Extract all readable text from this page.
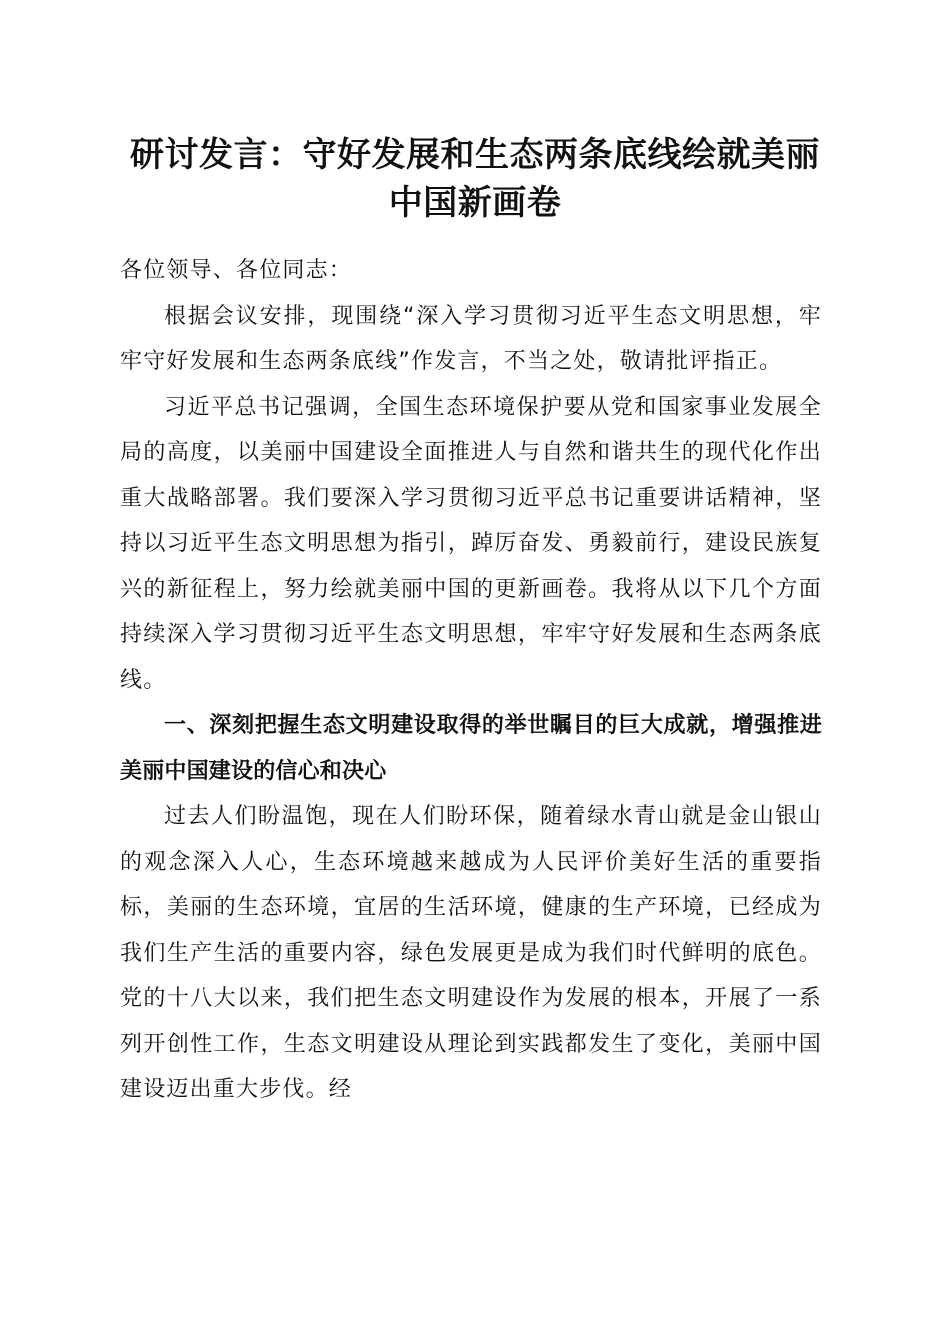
研讨发言：守好发展和生态两条底线绘就美丽
中国新画卷

各位领导、各位同志：

根据会议安排，现围绕“深入学习贯彻习近平生态文明思想，牢牢守好发展和生态两条底线”作发言，不当之处，敬请批评指正。

习近平总书记强调，全国生态环境保护要从党和国家事业发展全局的高度，以美丽中国建设全面推进人与自然和谐共生的现代化作出重大战略部署。我们要深入学习贯彻习近平总书记重要讲话精神，坚持以习近平生态文明思想为指引，踔厉奋发、勇毅前行，建设民族复兴的新征程上，努力绘就美丽中国的更新画卷。我将从以下几个方面持续深入学习贯彻习近平生态文明思想，牢牢守好发展和生态两条底线。

一、深刻把握生态文明建设取得的举世瞩目的巨大成就，增强推进美丽中国建设的信心和决心

过去人们盼温饱，现在人们盼环保，随着绿水青山就是金山银山的观念深入人心，生态环境越来越成为人民评价美好生活的重要指标，美丽的生态环境，宜居的生活环境，健康的生产环境，已经成为我们生产生活的重要内容，绿色发展更是成为我们时代鲜明的底色。党的十八大以来，我们把生态文明建设作为发展的根本，开展了一系列开创性工作，生态文明建设从理论到实践都发生了变化，美丽中国建设迈出重大步伐。经
